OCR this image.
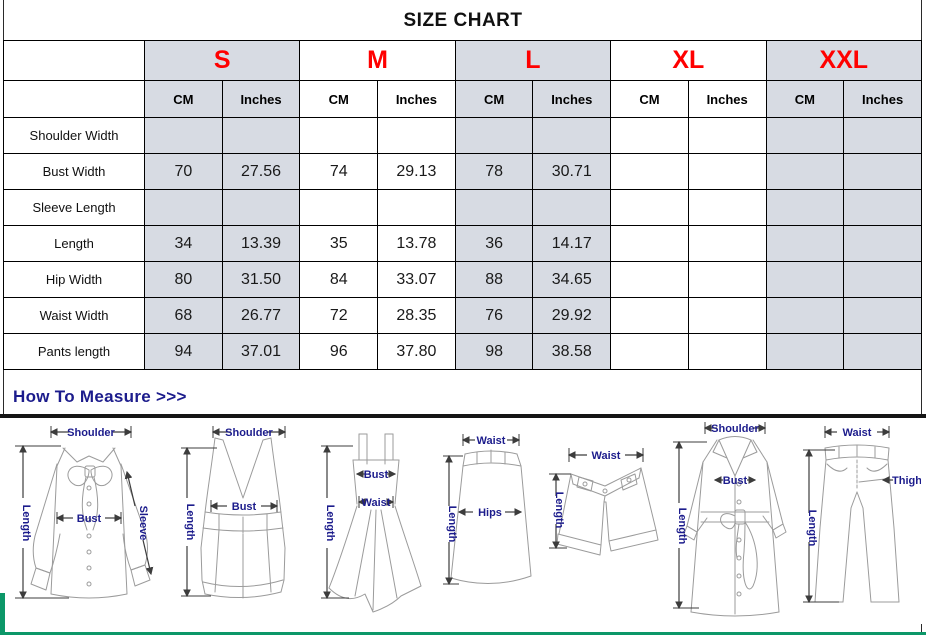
SIZE CHART
	S		M		L		XL		XXL	
	CM	Inches	CM	Inches	CM	Inches	CM	Inches	CM	Inches
Shoulder Width										
Bust Width	70	27.56	74	29.13	78	30.71				
Sleeve Length										
Length	34	13.39	35	13.78	36	14.17				
Hip Width	80	31.50	84	33.07	88	34.65				
Waist Width	68	26.77	72	28.35	76	29.92				
Pants length	94	37.01	96	37.80	98	38.58				
How To Measure >>>
Shoulder
Bust
Length	Sleeve
Shoulder
Bust
Length
Bust
Waist
Length
Waist
Hips
Length
Waist
Length
Shoulder
Bust
Length
Waist
Thigh
Length
